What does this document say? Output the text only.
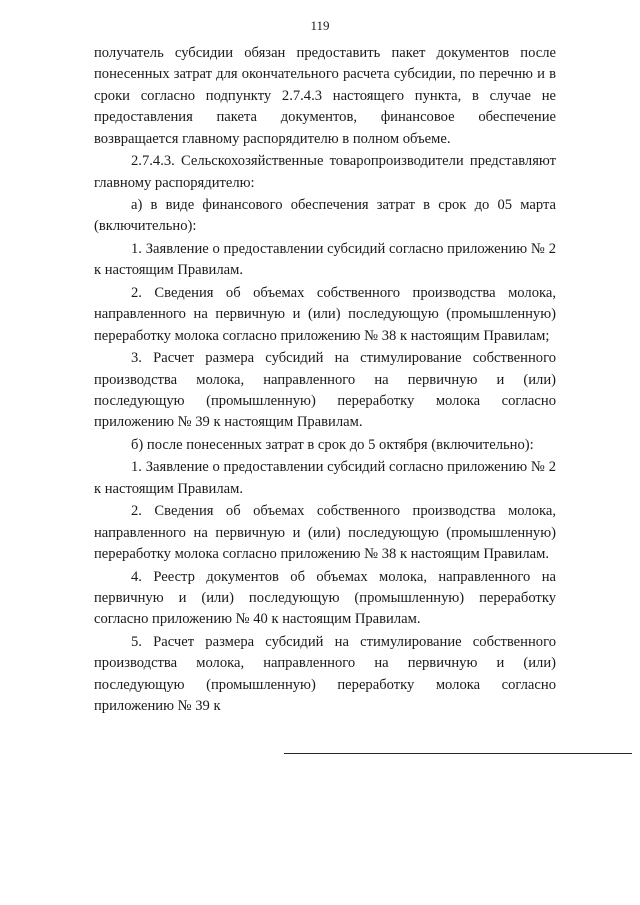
119

получатель субсидии обязан предоставить пакет документов после понесенных затрат для окончательного расчета субсидии, по перечню и в сроки согласно подпункту 2.7.4.3 настоящего пункта, в случае не предоставления пакета документов, финансовое обеспечение возвращается главному распорядителю в полном объеме.

2.7.4.3. Сельскохозяйственные товаропроизводители представляют главному распорядителю:

а) в виде финансового обеспечения затрат в срок до 05 марта (включительно):

1. Заявление о предоставлении субсидий согласно приложению № 2 к настоящим Правилам.

2. Сведения об объемах собственного производства молока, направленного на первичную и (или) последующую (промышленную) переработку молока согласно приложению № 38 к настоящим Правилам;

3. Расчет размера субсидий на стимулирование собственного производства молока, направленного на первичную и (или) последующую (промышленную) переработку молока согласно приложению № 39 к настоящим Правилам.

б) после понесенных затрат в срок до 5 октября (включительно):

1. Заявление о предоставлении субсидий согласно приложению № 2 к настоящим Правилам.

2. Сведения об объемах собственного производства молока, направленного на первичную и (или) последующую (промышленную) переработку молока согласно приложению № 38 к настоящим Правилам.

4. Реестр документов об объемах молока, направленного на первичную и (или) последующую (промышленную) переработку согласно приложению № 40 к настоящим Правилам.

5. Расчет размера субсидий на стимулирование собственного производства молока, направленного на первичную и (или) последующую (промышленную) переработку молока согласно приложению № 39 к
